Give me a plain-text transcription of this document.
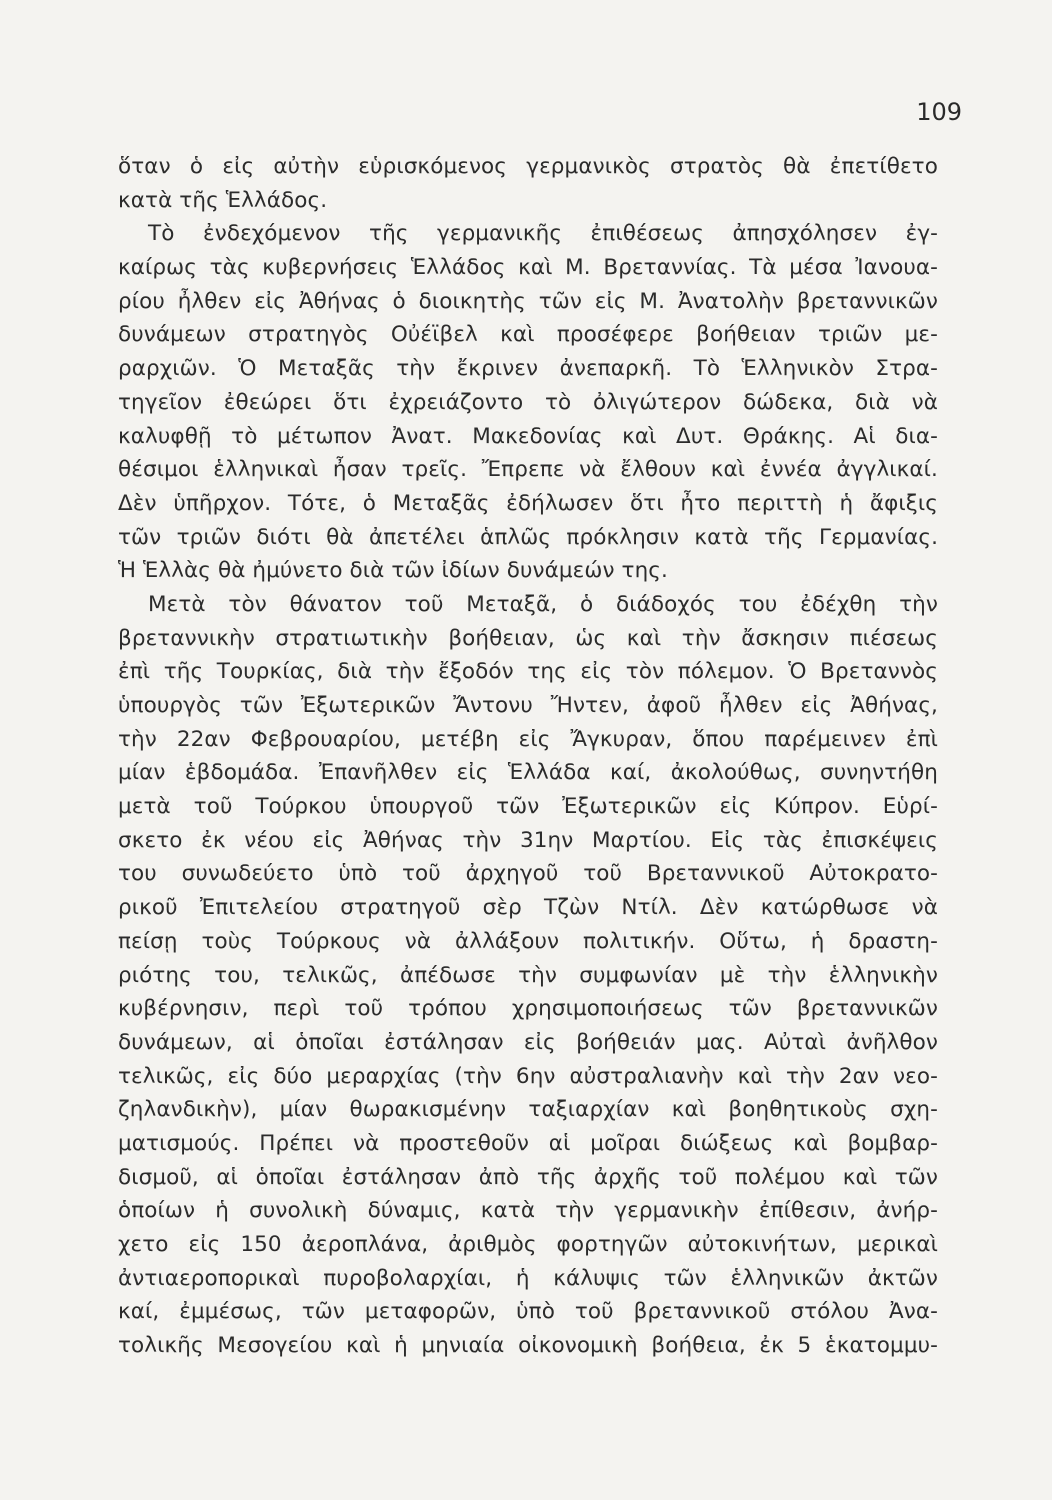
109
ὅταν ὁ εἰς αὐτὴν εὑρισκόμενος γερμανικὸς στρατὸς θὰ ἐπετίθετο
κατὰ τῆς Ἑλλάδος.
Τὸ ἐνδεχόμενον τῆς γερμανικῆς ἐπιθέσεως ἀπησχόλησεν ἐγ-
καίρως τὰς κυβερνήσεις Ἑλλάδος καὶ Μ. Βρεταννίας. Τὰ μέσα Ἰανουα-
ρίου ἦλθεν εἰς Ἀθήνας ὁ διοικητὴς τῶν εἰς Μ. Ἀνατολὴν βρεταννικῶν
δυνάμεων στρατηγὸς Οὐέϊβελ καὶ προσέφερε βοήθειαν τριῶν με-
ραρχιῶν. Ὁ Μεταξᾶς τὴν ἔκρινεν ἀνεπαρκῆ. Τὸ Ἑλληνικὸν Στρα-
τηγεῖον ἐθεώρει ὅτι ἐχρειάζοντο τὸ ὀλιγώτερον δώδεκα, διὰ νὰ
καλυφθῇ τὸ μέτωπον Ἀνατ. Μακεδονίας καὶ Δυτ. Θράκης. Αἱ δια-
θέσιμοι ἑλληνικαὶ ἦσαν τρεῖς. Ἔπρεπε νὰ ἔλθουν καὶ ἐννέα ἀγγλικαί.
Δὲν ὑπῆρχον. Τότε, ὁ Μεταξᾶς ἐδήλωσεν ὅτι ἦτο περιττὴ ἡ ἄφιξις
τῶν τριῶν διότι θὰ ἀπετέλει ἁπλῶς πρόκλησιν κατὰ τῆς Γερμανίας.
Ἡ Ἑλλὰς θὰ ἠμύνετο διὰ τῶν ἰδίων δυνάμεών της.
Μετὰ τὸν θάνατον τοῦ Μεταξᾶ, ὁ διάδοχός του ἐδέχθη τὴν
βρεταννικὴν στρατιωτικὴν βοήθειαν, ὡς καὶ τὴν ἄσκησιν πιέσεως
ἐπὶ τῆς Τουρκίας, διὰ τὴν ἔξοδόν της εἰς τὸν πόλεμον. Ὁ Βρεταννὸς
ὑπουργὸς τῶν Ἐξωτερικῶν Ἄντονυ Ἤντεν, ἀφοῦ ἦλθεν εἰς Ἀθήνας,
τὴν 22αν Φεβρουαρίου, μετέβη εἰς Ἄγκυραν, ὅπου παρέμεινεν ἐπὶ
μίαν ἑβδομάδα. Ἐπανῆλθεν εἰς Ἑλλάδα καί, ἀκολούθως, συνηντήθη
μετὰ τοῦ Τούρκου ὑπουργοῦ τῶν Ἐξωτερικῶν εἰς Κύπρον. Εὑρί-
σκετο ἐκ νέου εἰς Ἀθήνας τὴν 31ην Μαρτίου. Εἰς τὰς ἐπισκέψεις
του συνωδεύετο ὑπὸ τοῦ ἀρχηγοῦ τοῦ Βρεταννικοῦ Αὐτοκρατο-
ρικοῦ Ἐπιτελείου στρατηγοῦ σὲρ Τζὼν Ντίλ. Δὲν κατώρθωσε νὰ
πείσῃ τοὺς Τούρκους νὰ ἀλλάξουν πολιτικήν. Οὕτω, ἡ δραστη-
ριότης του, τελικῶς, ἀπέδωσε τὴν συμφωνίαν μὲ τὴν ἑλληνικὴν
κυβέρνησιν, περὶ τοῦ τρόπου χρησιμοποιήσεως τῶν βρεταννικῶν
δυνάμεων, αἱ ὁποῖαι ἐστάλησαν εἰς βοήθειάν μας. Αὐταὶ ἀνῆλθον
τελικῶς, εἰς δύο μεραρχίας (τὴν 6ην αὐστραλιανὴν καὶ τὴν 2αν νεο-
ζηλανδικὴν), μίαν θωρακισμένην ταξιαρχίαν καὶ βοηθητικοὺς σχη-
ματισμούς. Πρέπει νὰ προστεθοῦν αἱ μοῖραι διώξεως καὶ βομβαρ-
δισμοῦ, αἱ ὁποῖαι ἐστάλησαν ἀπὸ τῆς ἀρχῆς τοῦ πολέμου καὶ τῶν
ὁποίων ἡ συνολικὴ δύναμις, κατὰ τὴν γερμανικὴν ἐπίθεσιν, ἀνήρ-
χετο εἰς 150 ἀεροπλάνα, ἀριθμὸς φορτηγῶν αὐτοκινήτων, μερικαὶ
ἀντιαεροπορικαὶ πυροβολαρχίαι, ἡ κάλυψις τῶν ἑλληνικῶν ἀκτῶν
καί, ἐμμέσως, τῶν μεταφορῶν, ὑπὸ τοῦ βρεταννικοῦ στόλου Ἀνα-
τολικῆς Μεσογείου καὶ ἡ μηνιαία οἰκονομικὴ βοήθεια, ἐκ 5 ἑκατομμυ-
